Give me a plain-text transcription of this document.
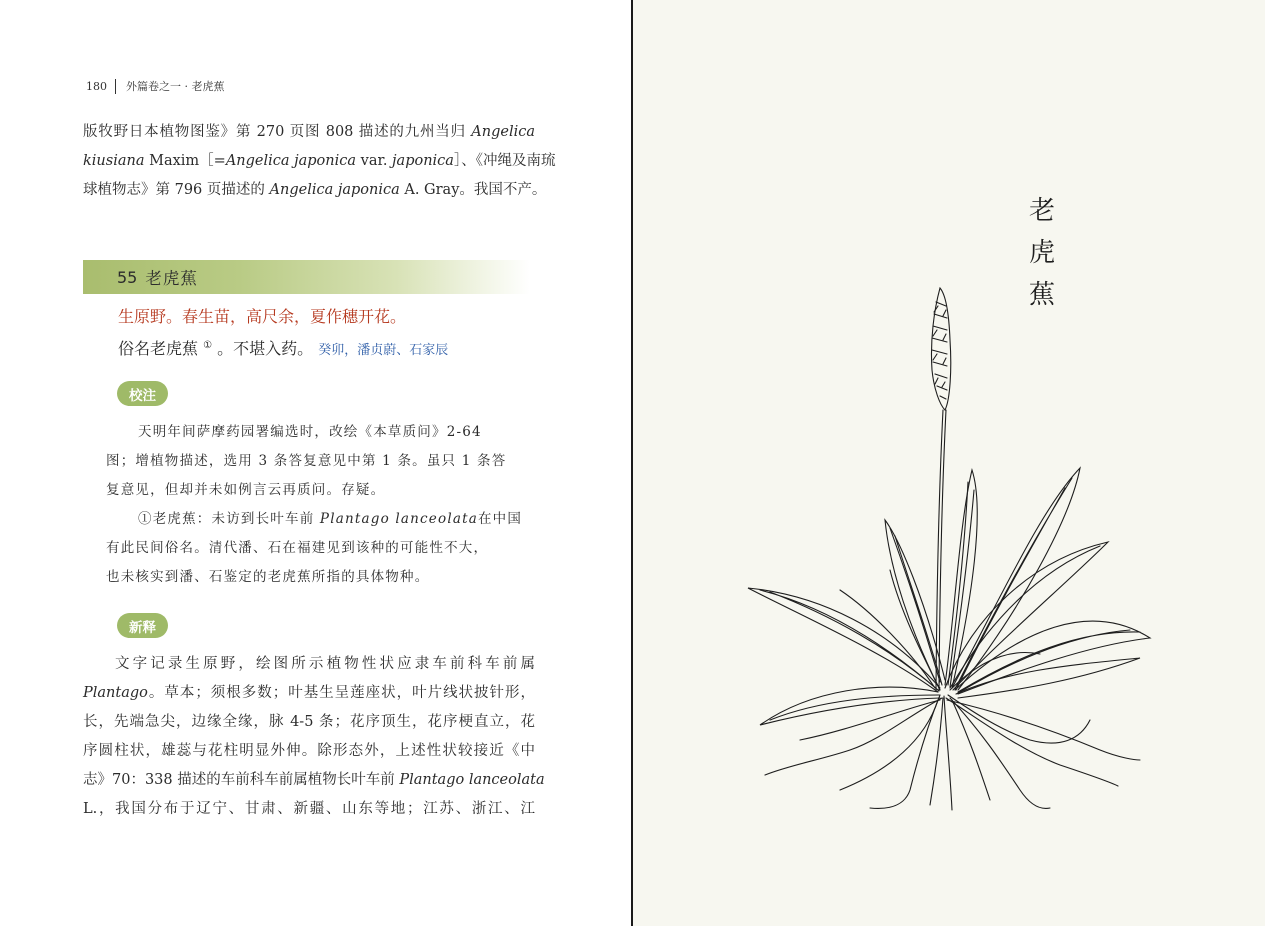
180	外篇卷之一 · 老虎蕉
版牧野日本植物图鉴》第 270 页图 808 描述的九州当归 Angelica
kiusiana Maxim［=Angelica japonica var. japonica］、《冲绳及南琉
球植物志》第 796 页描述的 Angelica japonica A. Gray。我国不产。
55 老虎蕉
生原野。春生苗，高尺余，夏作穗开花。
俗名老虎蕉 ① 。不堪入药。 癸卯，潘贞蔚、石家辰
校注
天明年间萨摩药园署编选时，改绘《本草质问》2-64
图；增植物描述，选用 3 条答复意见中第 1 条。虽只 1 条答
复意见，但却并未如例言云再质问。存疑。
①老虎蕉：未访到长叶车前 Plantago lanceolata在中国
有此民间俗名。清代潘、石在福建见到该种的可能性不大，
也未核实到潘、石鉴定的老虎蕉所指的具体物种。
新释
文字记录生原野，绘图所示植物性状应隶车前科车前属
Plantago。草本；须根多数；叶基生呈莲座状，叶片线状披针形，
长，先端急尖，边缘全缘，脉 4-5 条；花序顶生，花序梗直立，花
序圆柱状，雄蕊与花柱明显外伸。除形态外，上述性状较接近《中
志》70：338 描述的车前科车前属植物长叶车前 Plantago lanceolata
L.，我国分布于辽宁、甘肃、新疆、山东等地；江苏、浙江、江
老
虎
蕉
